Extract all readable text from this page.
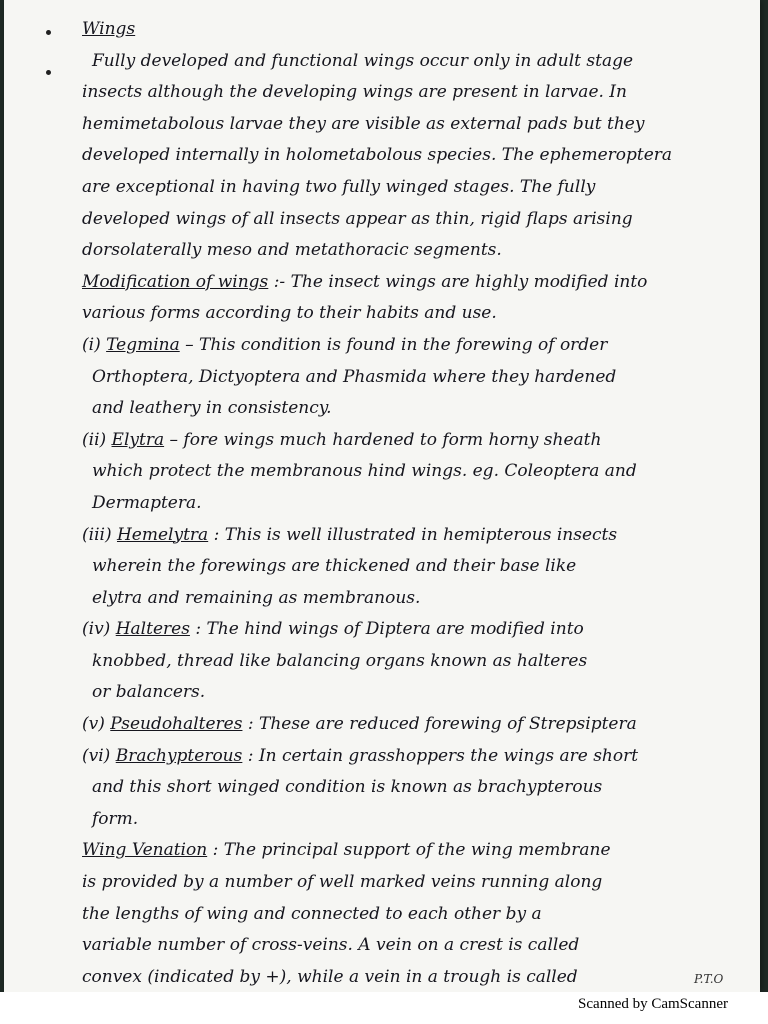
Wings
Fully developed and functional wings occur only in adult stage
insects although the developing wings are present in larvae. In
hemimetabolous larvae they are visible as external pads but they
developed internally in holometabolous species. The ephemeroptera
are exceptional in having two fully winged stages. The fully
developed wings of all insects appear as thin, rigid flaps arising
dorsolaterally meso and metathoracic segments.
Modification of wings :- The insect wings are highly modified into
various forms according to their habits and use.
(i) Tegmina – This condition is found in the forewing of order
Orthoptera, Dictyoptera and Phasmida where they hardened
and leathery in consistency.
(ii) Elytra – fore wings much hardened to form horny sheath
which protect the membranous hind wings. eg. Coleoptera and
Dermaptera.
(iii) Hemelytra : This is well illustrated in hemipterous insects
wherein the forewings are thickened and their base like
elytra and remaining as membranous.
(iv) Halteres : The hind wings of Diptera are modified into
knobbed, thread like balancing organs known as halteres
or balancers.
(v) Pseudohalteres : These are reduced forewing of Strepsiptera
(vi) Brachypterous : In certain grasshoppers the wings are short
and this short winged condition is known as brachypterous
form.
Wing Venation : The principal support of the wing membrane
is provided by a number of well marked veins running along
the lengths of wing and connected to each other by a
variable number of cross-veins. A vein on a crest is called
convex (indicated by +), while a vein in a trough is called	P.T.O
Scanned by CamScanner
